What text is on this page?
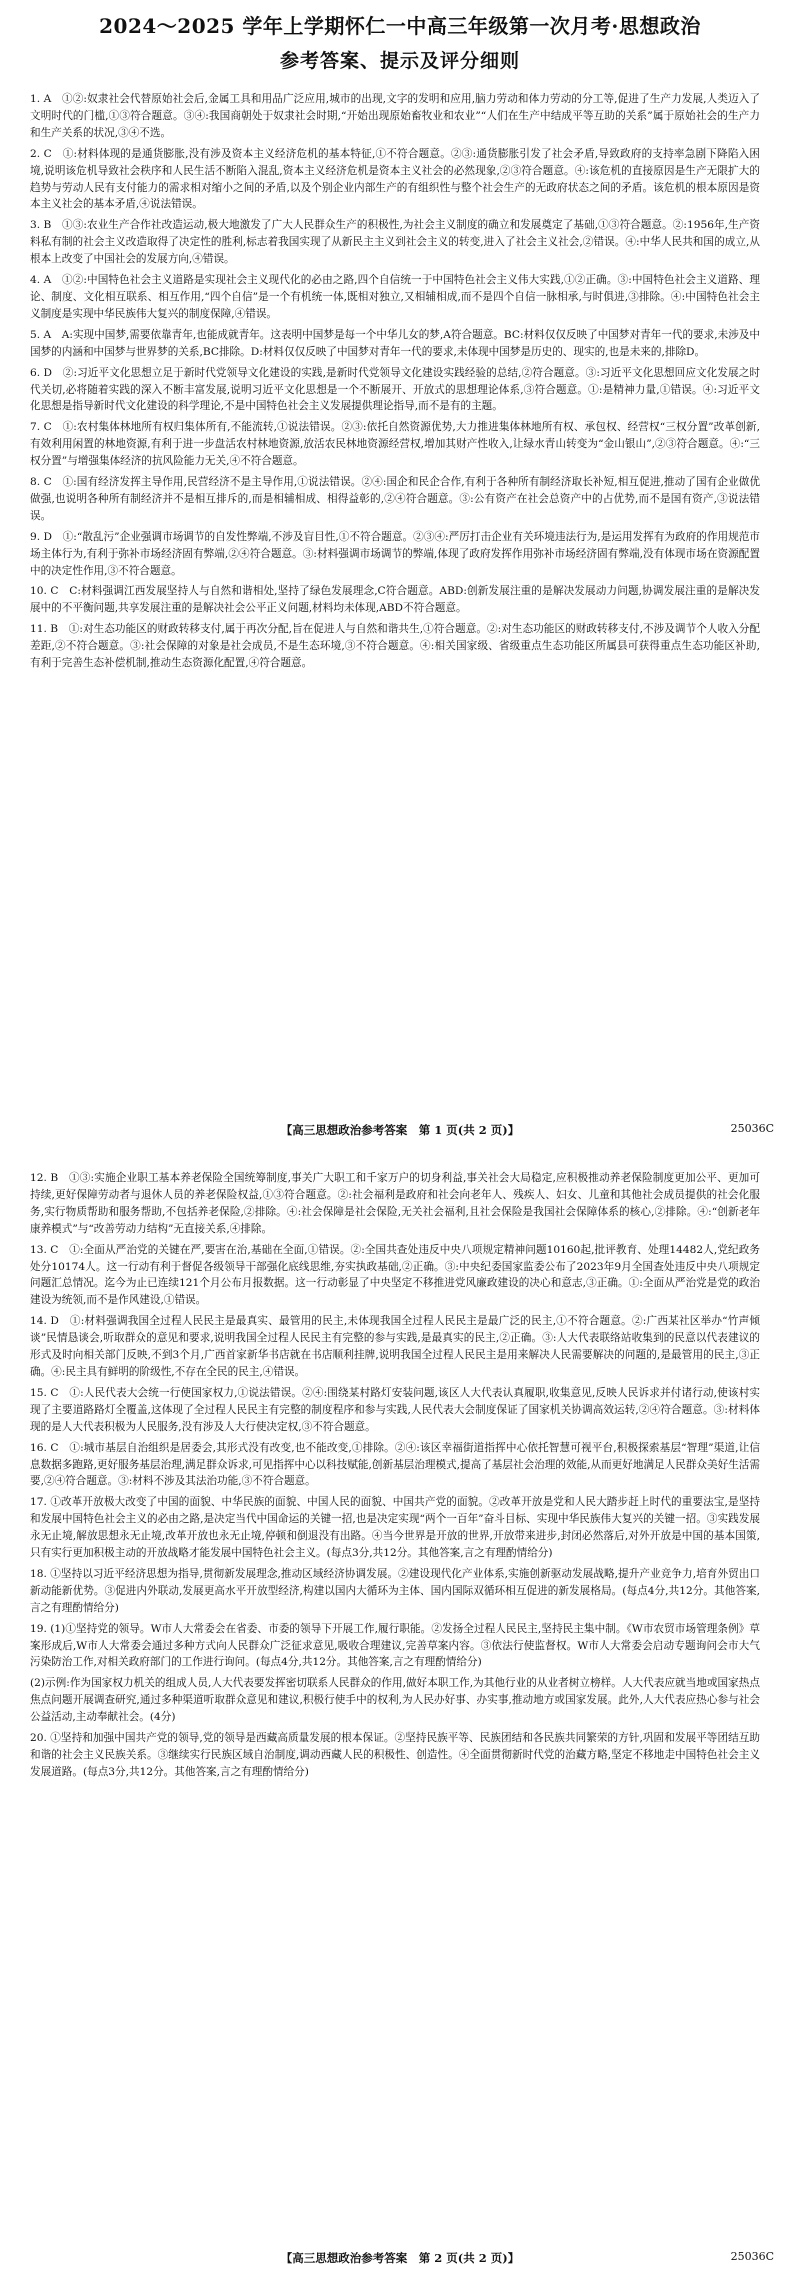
2024～2025 学年上学期怀仁一中高三年级第一次月考·思想政治
参考答案、提示及评分细则

1. A　①②:奴隶社会代替原始社会后,金属工具和用品广泛应用,城市的出现,文字的发明和应用,脑力劳动和体力劳动的分工等,促进了生产力发展,人类迈入了文明时代的门槛,①③符合题意。③④:我国商朝处于奴隶社会时期,“开始出现原始畜牧业和农业”“人们在生产中结成平等互助的关系”属于原始社会的生产力和生产关系的状况,③④不选。

2. C　①:材料体现的是通货膨胀,没有涉及资本主义经济危机的基本特征,①不符合题意。②③:通货膨胀引发了社会矛盾,导致政府的支持率急剧下降陷入困境,说明该危机导致社会秩序和人民生活不断陷入混乱,资本主义经济危机是资本主义社会的必然现象,②③符合题意。④:该危机的直接原因是生产无限扩大的趋势与劳动人民有支付能力的需求相对缩小之间的矛盾,以及个别企业内部生产的有组织性与整个社会生产的无政府状态之间的矛盾。该危机的根本原因是资本主义社会的基本矛盾,④说法错误。

3. B　①③:农业生产合作社改造运动,极大地激发了广大人民群众生产的积极性,为社会主义制度的确立和发展奠定了基础,①③符合题意。②:1956年,生产资料私有制的社会主义改造取得了决定性的胜利,标志着我国实现了从新民主主义到社会主义的转变,进入了社会主义社会,②错误。④:中华人民共和国的成立,从根本上改变了中国社会的发展方向,④错误。

4. A　①②:中国特色社会主义道路是实现社会主义现代化的必由之路,四个自信统一于中国特色社会主义伟大实践,①②正确。③:中国特色社会主义道路、理论、制度、文化相互联系、相互作用,“四个自信”是一个有机统一体,既相对独立,又相辅相成,而不是四个自信一脉相承,与时俱进,③排除。④:中国特色社会主义制度是实现中华民族伟大复兴的制度保障,④错误。

5. A　A:实现中国梦,需要依靠青年,也能成就青年。这表明中国梦是每一个中华儿女的梦,A符合题意。BC:材料仅仅反映了中国梦对青年一代的要求,未涉及中国梦的内涵和中国梦与世界梦的关系,BC排除。D:材料仅仅反映了中国梦对青年一代的要求,未体现中国梦是历史的、现实的,也是未来的,排除D。

6. D　②:习近平文化思想立足于新时代党领导文化建设的实践,是新时代党领导文化建设实践经验的总结,②符合题意。③:习近平文化思想回应文化发展之时代关切,必将随着实践的深入不断丰富发展,说明习近平文化思想是一个不断展开、开放式的思想理论体系,③符合题意。①:是精神力量,①错误。④:习近平文化思想是指导新时代文化建设的科学理论,不是中国特色社会主义发展提供理论指导,而不是有的主题。

7. C　①:农村集体林地所有权归集体所有,不能流转,①说法错误。②③:依托自然资源优势,大力推进集体林地所有权、承包权、经营权“三权分置”改革创新,有效利用闲置的林地资源,有利于进一步盘活农村林地资源,放活农民林地资源经营权,增加其财产性收入,让绿水青山转变为“金山银山”,②③符合题意。④:“三权分置”与增强集体经济的抗风险能力无关,④不符合题意。

8. C　①:国有经济发挥主导作用,民营经济不是主导作用,①说法错误。②④:国企和民企合作,有利于各种所有制经济取长补短,相互促进,推动了国有企业做优做强,也说明各种所有制经济并不是相互排斥的,而是相辅相成、相得益彰的,②④符合题意。③:公有资产在社会总资产中的占优势,而不是国有资产,③说法错误。

9. D　①:“散乱污”企业强调市场调节的自发性弊端,不涉及盲目性,①不符合题意。②③④:严厉打击企业有关环境违法行为,是运用发挥有为政府的作用规范市场主体行为,有利于弥补市场经济固有弊端,②④符合题意。③:材料强调市场调节的弊端,体现了政府发挥作用弥补市场经济固有弊端,没有体现市场在资源配置中的决定性作用,③不符合题意。

10. C　C:材料强调江西发展坚持人与自然和谐相处,坚持了绿色发展理念,C符合题意。ABD:创新发展注重的是解决发展动力问题,协调发展注重的是解决发展中的不平衡问题,共享发展注重的是解决社会公平正义问题,材料均未体现,ABD不符合题意。

11. B　①:对生态功能区的财政转移支付,属于再次分配,旨在促进人与自然和谐共生,①符合题意。②:对生态功能区的财政转移支付,不涉及调节个人收入分配差距,②不符合题意。③:社会保障的对象是社会成员,不是生态环境,③不符合题意。④:相关国家级、省级重点生态功能区所属县可获得重点生态功能区补助,有利于完善生态补偿机制,推动生态资源化配置,④符合题意。

【高三思想政治参考答案　第 1 页(共 2 页)】	25036C

12. B　①③:实施企业职工基本养老保险全国统筹制度,事关广大职工和千家万户的切身利益,事关社会大局稳定,应积极推动养老保险制度更加公平、更加可持续,更好保障劳动者与退休人员的养老保险权益,①③符合题意。②:社会福利是政府和社会向老年人、残疾人、妇女、儿童和其他社会成员提供的社会化服务,实行物质帮助和服务帮助,不包括养老保险,②排除。④:社会保障是社会保险,无关社会福利,且社会保险是我国社会保障体系的核心,②排除。④:“创新老年康养模式”与“改善劳动力结构”无直接关系,④排除。

13. C　①:全面从严治党的关键在严,要害在治,基础在全面,①错误。②:全国共查处违反中央八项规定精神问题10160起,批评教育、处理14482人,党纪政务处分10174人。这一行动有利于督促各级领导干部强化底线思维,夯实执政基础,②正确。③:中央纪委国家监委公布了2023年9月全国查处违反中央八项规定问题汇总情况。迄今为止已连续121个月公布月报数据。这一行动彰显了中央坚定不移推进党风廉政建设的决心和意志,③正确。①:全面从严治党是党的政治建设为统领,而不是作风建设,①错误。

14. D　①:材料强调我国全过程人民民主是最真实、最管用的民主,未体现我国全过程人民民主是最广泛的民主,①不符合题意。②:广西某社区举办“竹声倾谈”民情恳谈会,听取群众的意见和要求,说明我国全过程人民民主有完整的参与实践,是最真实的民主,②正确。③:人大代表联络站收集到的民意以代表建议的形式及时向相关部门反映,不到3个月,广西首家新华书店就在书店顺利挂牌,说明我国全过程人民民主是用来解决人民需要解决的问题的,是最管用的民主,③正确。④:民主具有鲜明的阶级性,不存在全民的民主,④错误。

15. C　①:人民代表大会统一行使国家权力,①说法错误。②④:围绕某村路灯安装问题,该区人大代表认真履职,收集意见,反映人民诉求并付诸行动,使该村实现了主要道路路灯全覆盖,这体现了全过程人民民主有完整的制度程序和参与实践,人民代表大会制度保证了国家机关协调高效运转,②④符合题意。③:材料体现的是人大代表积极为人民服务,没有涉及人大行使决定权,③不符合题意。

16. C　①:城市基层自治组织是居委会,其形式没有改变,也不能改变,①排除。②④:该区幸福街道指挥中心依托智慧可视平台,积极探索基层“智理”渠道,让信息数据多跑路,更好服务基层治理,满足群众诉求,可见指挥中心以科技赋能,创新基层治理模式,提高了基层社会治理的效能,从而更好地满足人民群众美好生活需要,②④符合题意。③:材料不涉及其法治功能,③不符合题意。

17. ①改革开放极大改变了中国的面貌、中华民族的面貌、中国人民的面貌、中国共产党的面貌。②改革开放是党和人民大踏步赶上时代的重要法宝,是坚持和发展中国特色社会主义的必由之路,是决定当代中国命运的关键一招,也是决定实现“两个一百年”奋斗目标、实现中华民族伟大复兴的关键一招。③实践发展永无止境,解放思想永无止境,改革开放也永无止境,停顿和倒退没有出路。④当今世界是开放的世界,开放带来进步,封闭必然落后,对外开放是中国的基本国策,只有实行更加积极主动的开放战略才能发展中国特色社会主义。(每点3分,共12分。其他答案,言之有理酌情给分)

18. ①坚持以习近平经济思想为指导,贯彻新发展理念,推动区域经济协调发展。②建设现代化产业体系,实施创新驱动发展战略,提升产业竞争力,培育外贸出口新动能新优势。③促进内外联动,发展更高水平开放型经济,构建以国内大循环为主体、国内国际双循环相互促进的新发展格局。(每点4分,共12分。其他答案,言之有理酌情给分)

19. (1)①坚持党的领导。W市人大常委会在省委、市委的领导下开展工作,履行职能。②发扬全过程人民民主,坚持民主集中制。《W市农贸市场管理条例》草案形成后,W市人大常委会通过多种方式向人民群众广泛征求意见,吸收合理建议,完善草案内容。③依法行使监督权。W市人大常委会启动专题询问会市大气污染防治工作,对相关政府部门的工作进行询问。(每点4分,共12分。其他答案,言之有理酌情给分)

(2)示例:作为国家权力机关的组成人员,人大代表要发挥密切联系人民群众的作用,做好本职工作,为其他行业的从业者树立榜样。人大代表应就当地或国家热点焦点问题开展调查研究,通过多种渠道听取群众意见和建议,积极行使手中的权利,为人民办好事、办实事,推动地方或国家发展。此外,人大代表应热心参与社会公益活动,主动奉献社会。(4分)

20. ①坚持和加强中国共产党的领导,党的领导是西藏高质量发展的根本保证。②坚持民族平等、民族团结和各民族共同繁荣的方针,巩固和发展平等团结互助和谐的社会主义民族关系。③继续实行民族区域自治制度,调动西藏人民的积极性、创造性。④全面贯彻新时代党的治藏方略,坚定不移地走中国特色社会主义发展道路。(每点3分,共12分。其他答案,言之有理酌情给分)

【高三思想政治参考答案　第 2 页(共 2 页)】	25036C
